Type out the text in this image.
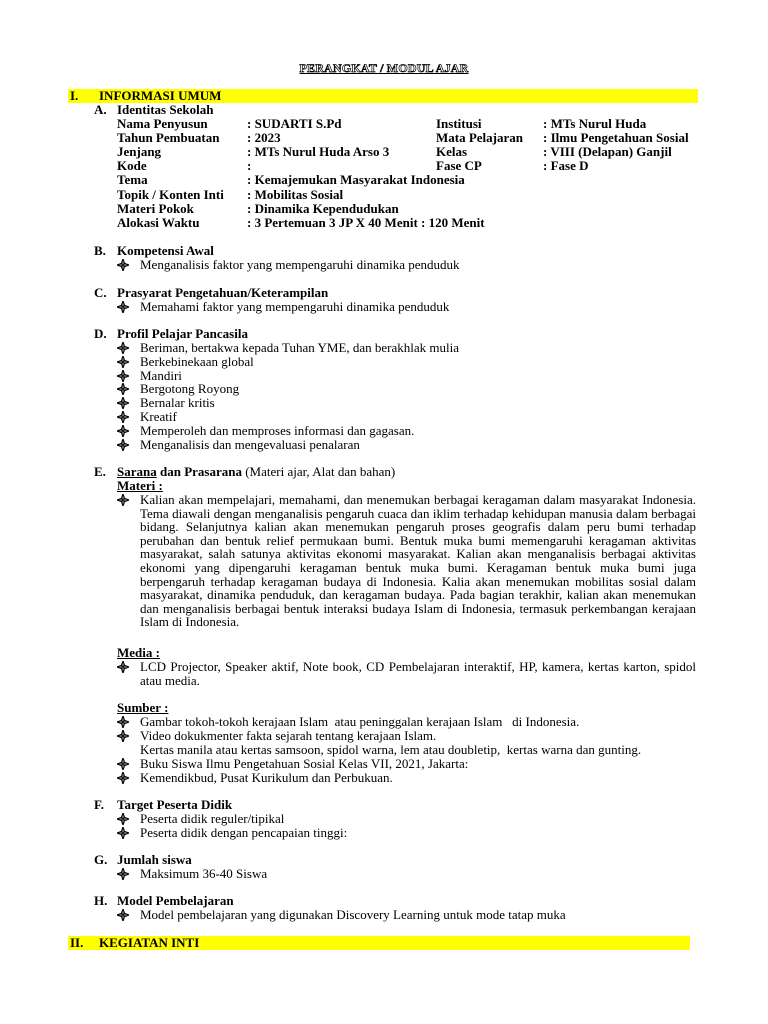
PERANGKAT / MODUL AJAR
I. INFORMASI UMUM
A. Identitas Sekolah
Nama Penyusun	: SUDARTI S.Pd	Institusi	: MTs Nurul Huda
Tahun Pembuatan : 2023	Mata Pelajaran : Ilmu Pengetahuan Sosial
Jenjang	: MTs Nurul Huda Arso 3	Kelas	: VIII (Delapan) Ganjil
Kode	:	Fase CP	: Fase D
Tema	: Kemajemukan Masyarakat Indonesia
Topik / Konten Inti : Mobilitas Sosial
Materi Pokok	: Dinamika Kependudukan
Alokasi Waktu	: 3 Pertemuan 3 JP X 40 Menit : 120 Menit
B. Kompetensi Awal
Menganalisis faktor yang mempengaruhi dinamika penduduk
C. Prasyarat Pengetahuan/Keterampilan
Memahami faktor yang mempengaruhi dinamika penduduk
D. Profil Pelajar Pancasila
Beriman, bertakwa kepada Tuhan YME, dan berakhlak mulia
Berkebinekaan global
Mandiri
Bergotong Royong
Bernalar kritis
Kreatif
Memperoleh dan memproses informasi dan gagasan.
Menganalisis dan mengevaluasi penalaran
E. Sarana dan Prasarana (Materi ajar, Alat dan bahan)
Materi :
Kalian akan mempelajari, memahami, dan menemukan berbagai keragaman dalam masyarakat Indonesia. Tema diawali dengan menganalisis pengaruh cuaca dan iklim terhadap kehidupan manusia dalam berbagai bidang. Selanjutnya kalian akan menemukan pengaruh proses geografis dalam peru bumi terhadap perubahan dan bentuk relief permukaan bumi. Bentuk muka bumi memengaruhi keragaman aktivitas masyarakat, salah satunya aktivitas ekonomi masyarakat. Kalian akan menganalisis berbagai aktivitas ekonomi yang dipengaruhi keragaman bentuk muka bumi. Keragaman bentuk muka bumi juga berpengaruh terhadap keragaman budaya di Indonesia. Kalia akan menemukan mobilitas sosial dalam masyarakat, dinamika penduduk, dan keragaman budaya. Pada bagian terakhir, kalian akan menemukan dan menganalisis berbagai bentuk interaksi budaya Islam di Indonesia, termasuk perkembangan kerajaan Islam di Indonesia.
Media :
LCD Projector, Speaker aktif, Note book, CD Pembelajaran interaktif, HP, kamera, kertas karton, spidol atau media.
Sumber :
Gambar tokoh-tokoh kerajaan Islam  atau peninggalan kerajaan Islam   di Indonesia.
Video dokukmenter fakta sejarah tentang kerajaan Islam.
Kertas manila atau kertas samsoon, spidol warna, lem atau doubletip,  kertas warna dan gunting.
Buku Siswa Ilmu Pengetahuan Sosial Kelas VII, 2021, Jakarta:
Kemendikbud, Pusat Kurikulum dan Perbukuan.
F. Target Peserta Didik
Peserta didik reguler/tipikal
Peserta didik dengan pencapaian tinggi:
G. Jumlah siswa
Maksimum 36-40 Siswa
H. Model Pembelajaran
Model pembelajaran yang digunakan Discovery Learning untuk mode tatap muka
II. KEGIATAN INTI
